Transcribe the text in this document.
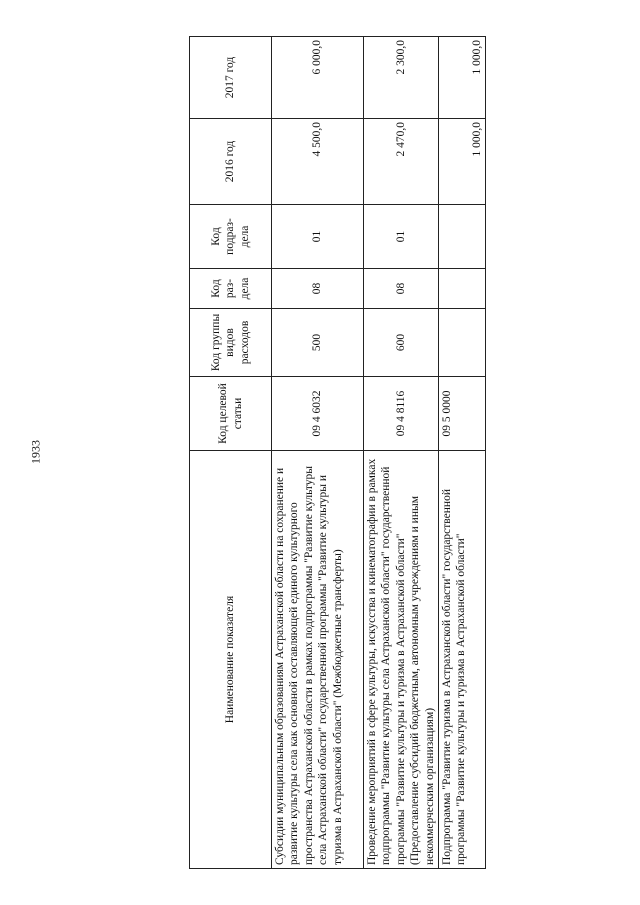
1933
Наименование показателя	Код целевой статьи	Код группы видов расходов	Код раз- дела	Код подраз- дела	2016 год	2017 год
Субсидии муниципальным образованиям Астраханской области на сохранение и развитие культуры села как основной составляющей единого культурного пространства Астраханской области в рамках подпрограммы "Развитие культуры села Астраханской области" государственной программы "Развитие культуры и туризма в Астраханской области" (Межбюджетные трансферты)	09 4 6032	500	08	01	4 500,0	6 000,0
Проведение мероприятий в сфере культуры, искусства и кинематографии в рамках подпрограммы "Развитие культуры села Астраханской области" государственной программы "Развитие культуры и туризма в Астраханской области" (Предоставление субсидий бюджетным, автономным учреждениям и иным некоммерческим организациям)	09 4 8116	600	08	01	2 470,0	2 300,0
Подпрограмма "Развитие туризма в Астраханской области" государственной программы "Развитие культуры и туризма в Астраханской области"	09 5 0000				1 000,0	1 000,0
